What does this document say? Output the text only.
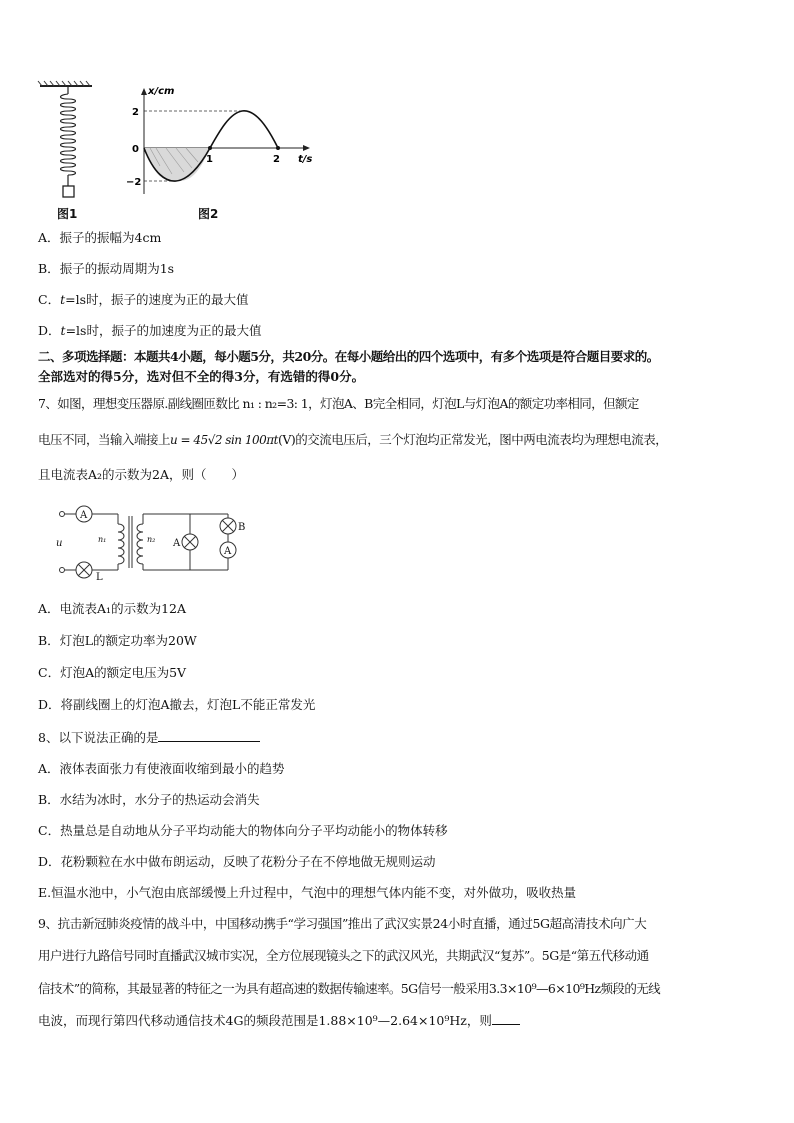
图1
x/cm
t/s
2
0
−2
1	2
图2
A．振子的振幅为4cm
B．振子的振动周期为1s
C．t=ls时，振子的速度为正的最大值
D．t=ls时，振子的加速度为正的最大值
二、多项选择题：本题共4小题，每小题5分，共20分。在每小题给出的四个选项中，有多个选项是符合题目要求的。
全部选对的得5分，选对但不全的得3分，有选错的得0分。
7、如图，理想变压器原.副线圈匝数比 n₁ : n₂=3: 1，灯泡A、B完全相同，灯泡L与灯泡A的额定功率相同，但额定
电压不同，当输入端接上u = 45√2 sin 100πt(V)的交流电压后，三个灯泡均正常发光，图中两电流表均为理想电流表，
且电流表A₂的示数为2A，则（　　）
A
u	n₁	n₂
L
A
B
A
A．电流表A₁的示数为12A
B．灯泡L的额定功率为20W
C．灯泡A的额定电压为5V
D．将副线圈上的灯泡A撤去，灯泡L不能正常发光
8、以下说法正确的是
A．液体表面张力有使液面收缩到最小的趋势
B．水结为冰时，水分子的热运动会消失
C．热量总是自动地从分子平均动能大的物体向分子平均动能小的物体转移
D．花粉颗粒在水中做布朗运动，反映了花粉分子在不停地做无规则运动
E.恒温水池中，小气泡由底部缓慢上升过程中，气泡中的理想气体内能不变，对外做功，吸收热量
9、抗击新冠肺炎疫情的战斗中，中国移动携手“学习强国”推出了武汉实景24小时直播，通过5G超高清技术向广大
用户进行九路信号同时直播武汉城市实况，全方位展现镜头之下的武汉风光，共期武汉“复苏”。5G是“第五代移动通
信技术”的简称，其最显著的特征之一为具有超高速的数据传输速率。5G信号一般采用3.3×10⁹—6×10⁹Hz频段的无线
电波，而现行第四代移动通信技术4G的频段范围是1.88×10⁹—2.64×10⁹Hz，则
